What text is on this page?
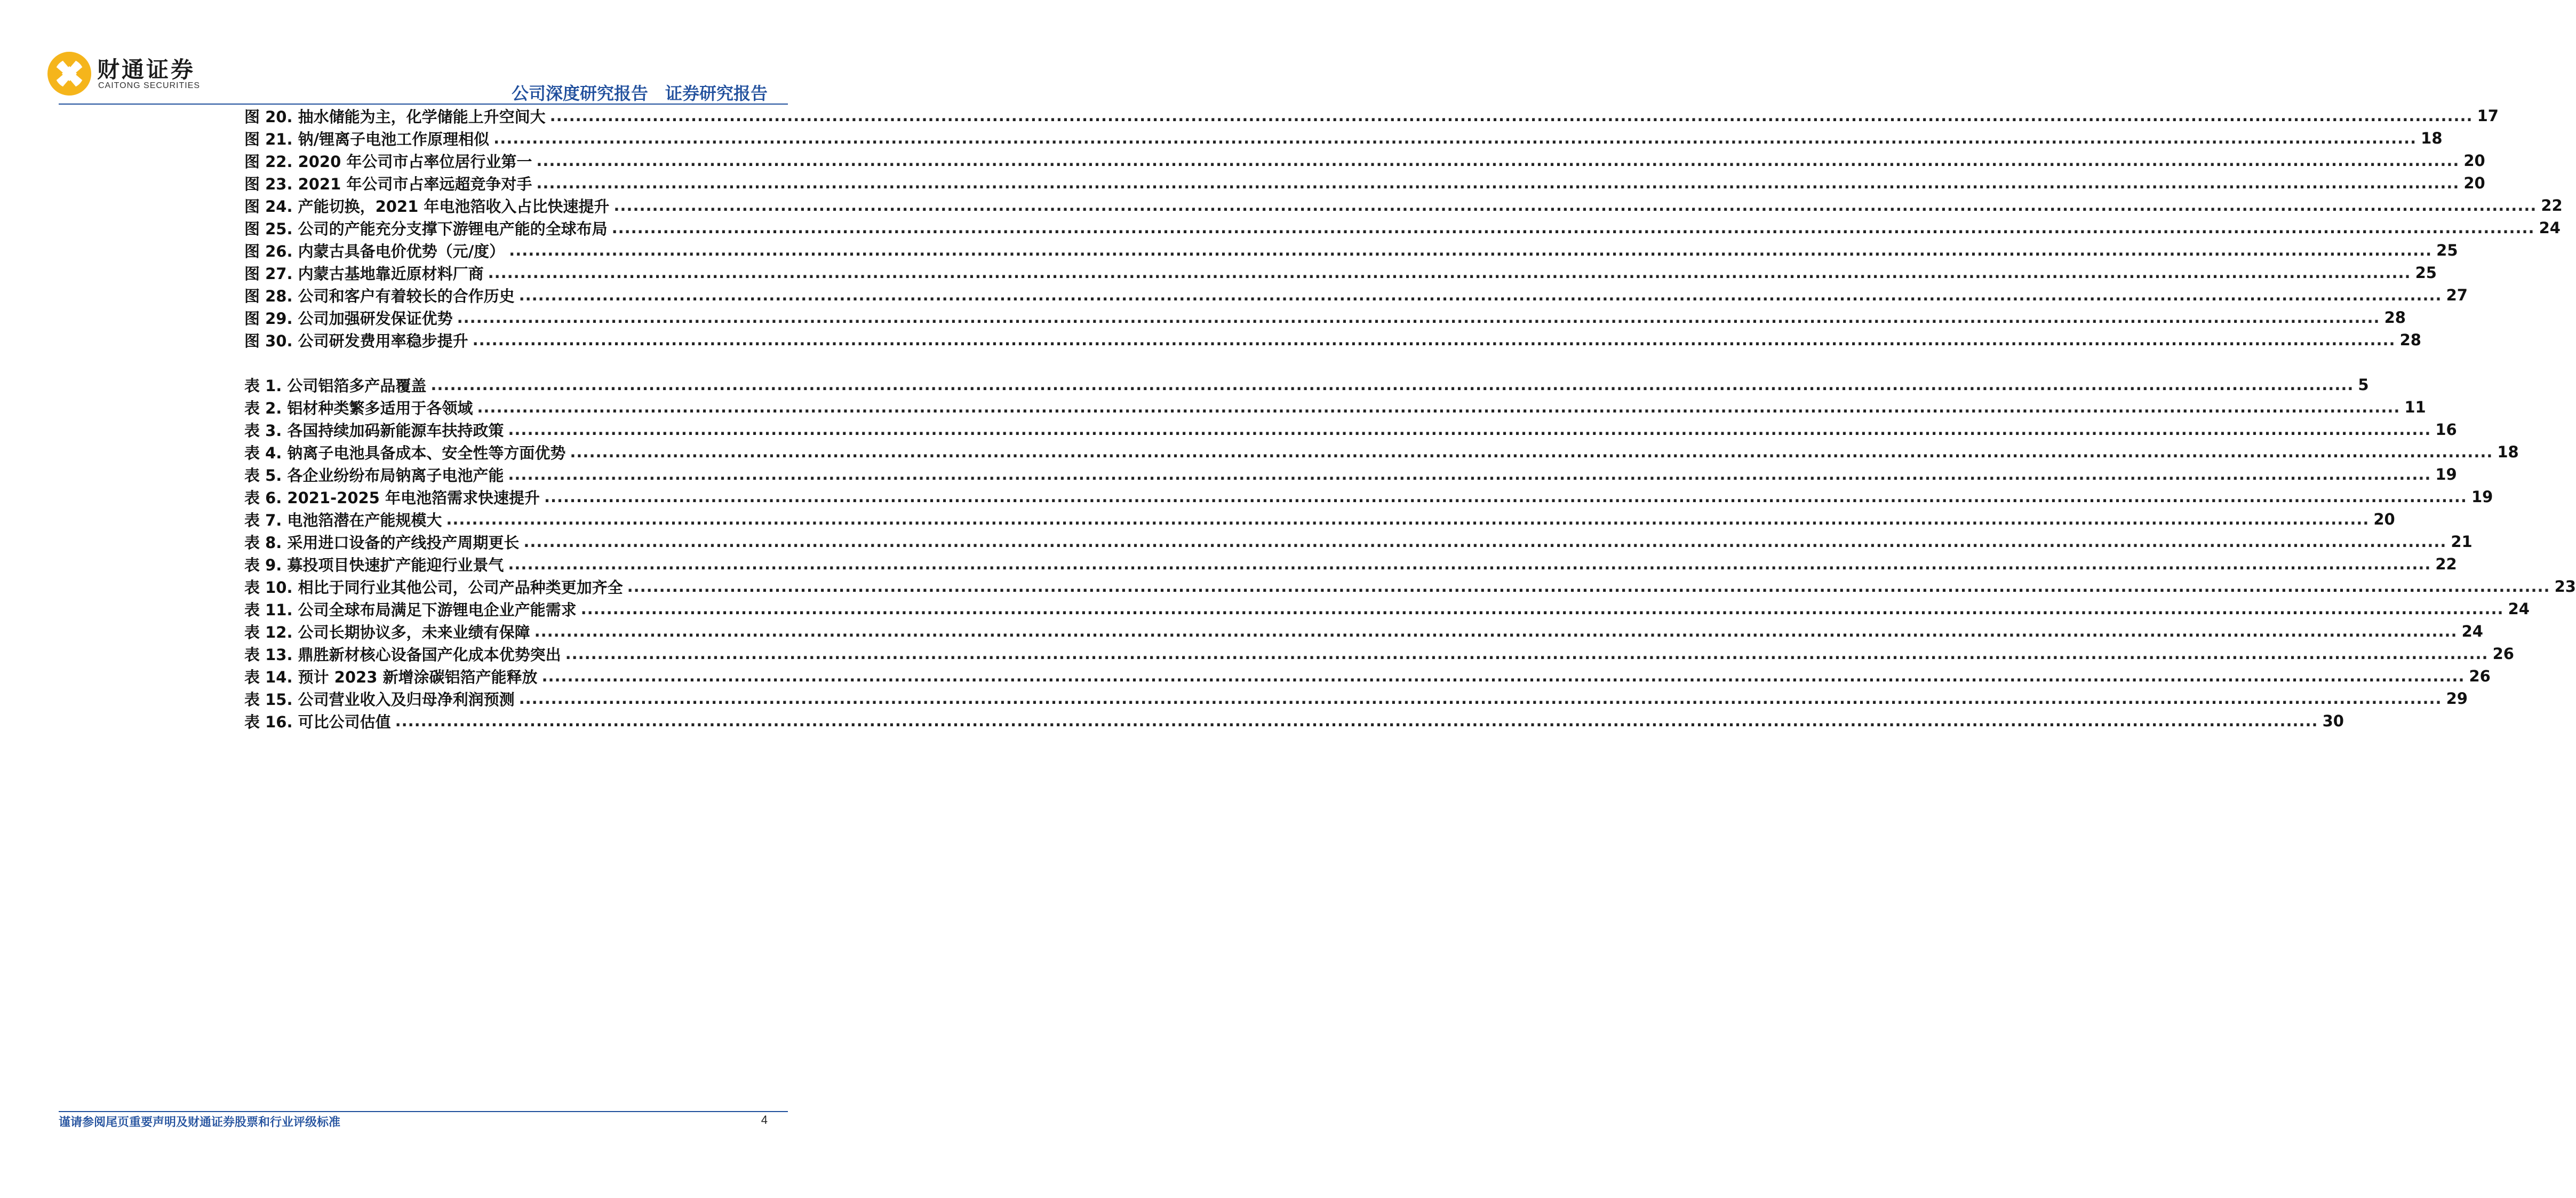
财通证券
CAITONG SECURITIES	公司深度研究报告 证券研究报告
图 20. 抽水储能为主，化学储能上升空间大 ............................................................................................................................................................................................................................................................................................................ 17
图 21. 钠/锂离子电池工作原理相似 ............................................................................................................................................................................................................................................................................................................ 18
图 22. 2020 年公司市占率位居行业第一 ............................................................................................................................................................................................................................................................................................................ 20
图 23. 2021 年公司市占率远超竞争对手 ............................................................................................................................................................................................................................................................................................................ 20
图 24. 产能切换，2021 年电池箔收入占比快速提升 ............................................................................................................................................................................................................................................................................................................ 22
图 25. 公司的产能充分支撑下游锂电产能的全球布局 ............................................................................................................................................................................................................................................................................................................ 24
图 26. 内蒙古具备电价优势（元/度） ............................................................................................................................................................................................................................................................................................................ 25
图 27. 内蒙古基地靠近原材料厂商 ............................................................................................................................................................................................................................................................................................................ 25
图 28. 公司和客户有着较长的合作历史 ............................................................................................................................................................................................................................................................................................................ 27
图 29. 公司加强研发保证优势 ............................................................................................................................................................................................................................................................................................................ 28
图 30. 公司研发费用率稳步提升 ............................................................................................................................................................................................................................................................................................................ 28
表 1. 公司铝箔多产品覆盖 ............................................................................................................................................................................................................................................................................................................ 5
表 2. 铝材种类繁多适用于各领域 ............................................................................................................................................................................................................................................................................................................ 11
表 3. 各国持续加码新能源车扶持政策 ............................................................................................................................................................................................................................................................................................................ 16
表 4. 钠离子电池具备成本、安全性等方面优势 ............................................................................................................................................................................................................................................................................................................ 18
表 5. 各企业纷纷布局钠离子电池产能 ............................................................................................................................................................................................................................................................................................................ 19
表 6. 2021-2025 年电池箔需求快速提升 ............................................................................................................................................................................................................................................................................................................ 19
表 7. 电池箔潜在产能规模大 ............................................................................................................................................................................................................................................................................................................ 20
表 8. 采用进口设备的产线投产周期更长 ............................................................................................................................................................................................................................................................................................................ 21
表 9. 募投项目快速扩产能迎行业景气 ............................................................................................................................................................................................................................................................................................................ 22
表 10. 相比于同行业其他公司，公司产品种类更加齐全 ............................................................................................................................................................................................................................................................................................................ 23
表 11. 公司全球布局满足下游锂电企业产能需求 ............................................................................................................................................................................................................................................................................................................ 24
表 12. 公司长期协议多，未来业绩有保障 ............................................................................................................................................................................................................................................................................................................ 24
表 13. 鼎胜新材核心设备国产化成本优势突出 ............................................................................................................................................................................................................................................................................................................ 26
表 14. 预计 2023 新增涂碳铝箔产能释放 ............................................................................................................................................................................................................................................................................................................ 26
表 15. 公司营业收入及归母净利润预测 ............................................................................................................................................................................................................................................................................................................ 29
表 16. 可比公司估值 ............................................................................................................................................................................................................................................................................................................ 30
谨请参阅尾页重要声明及财通证券股票和行业评级标准	4
